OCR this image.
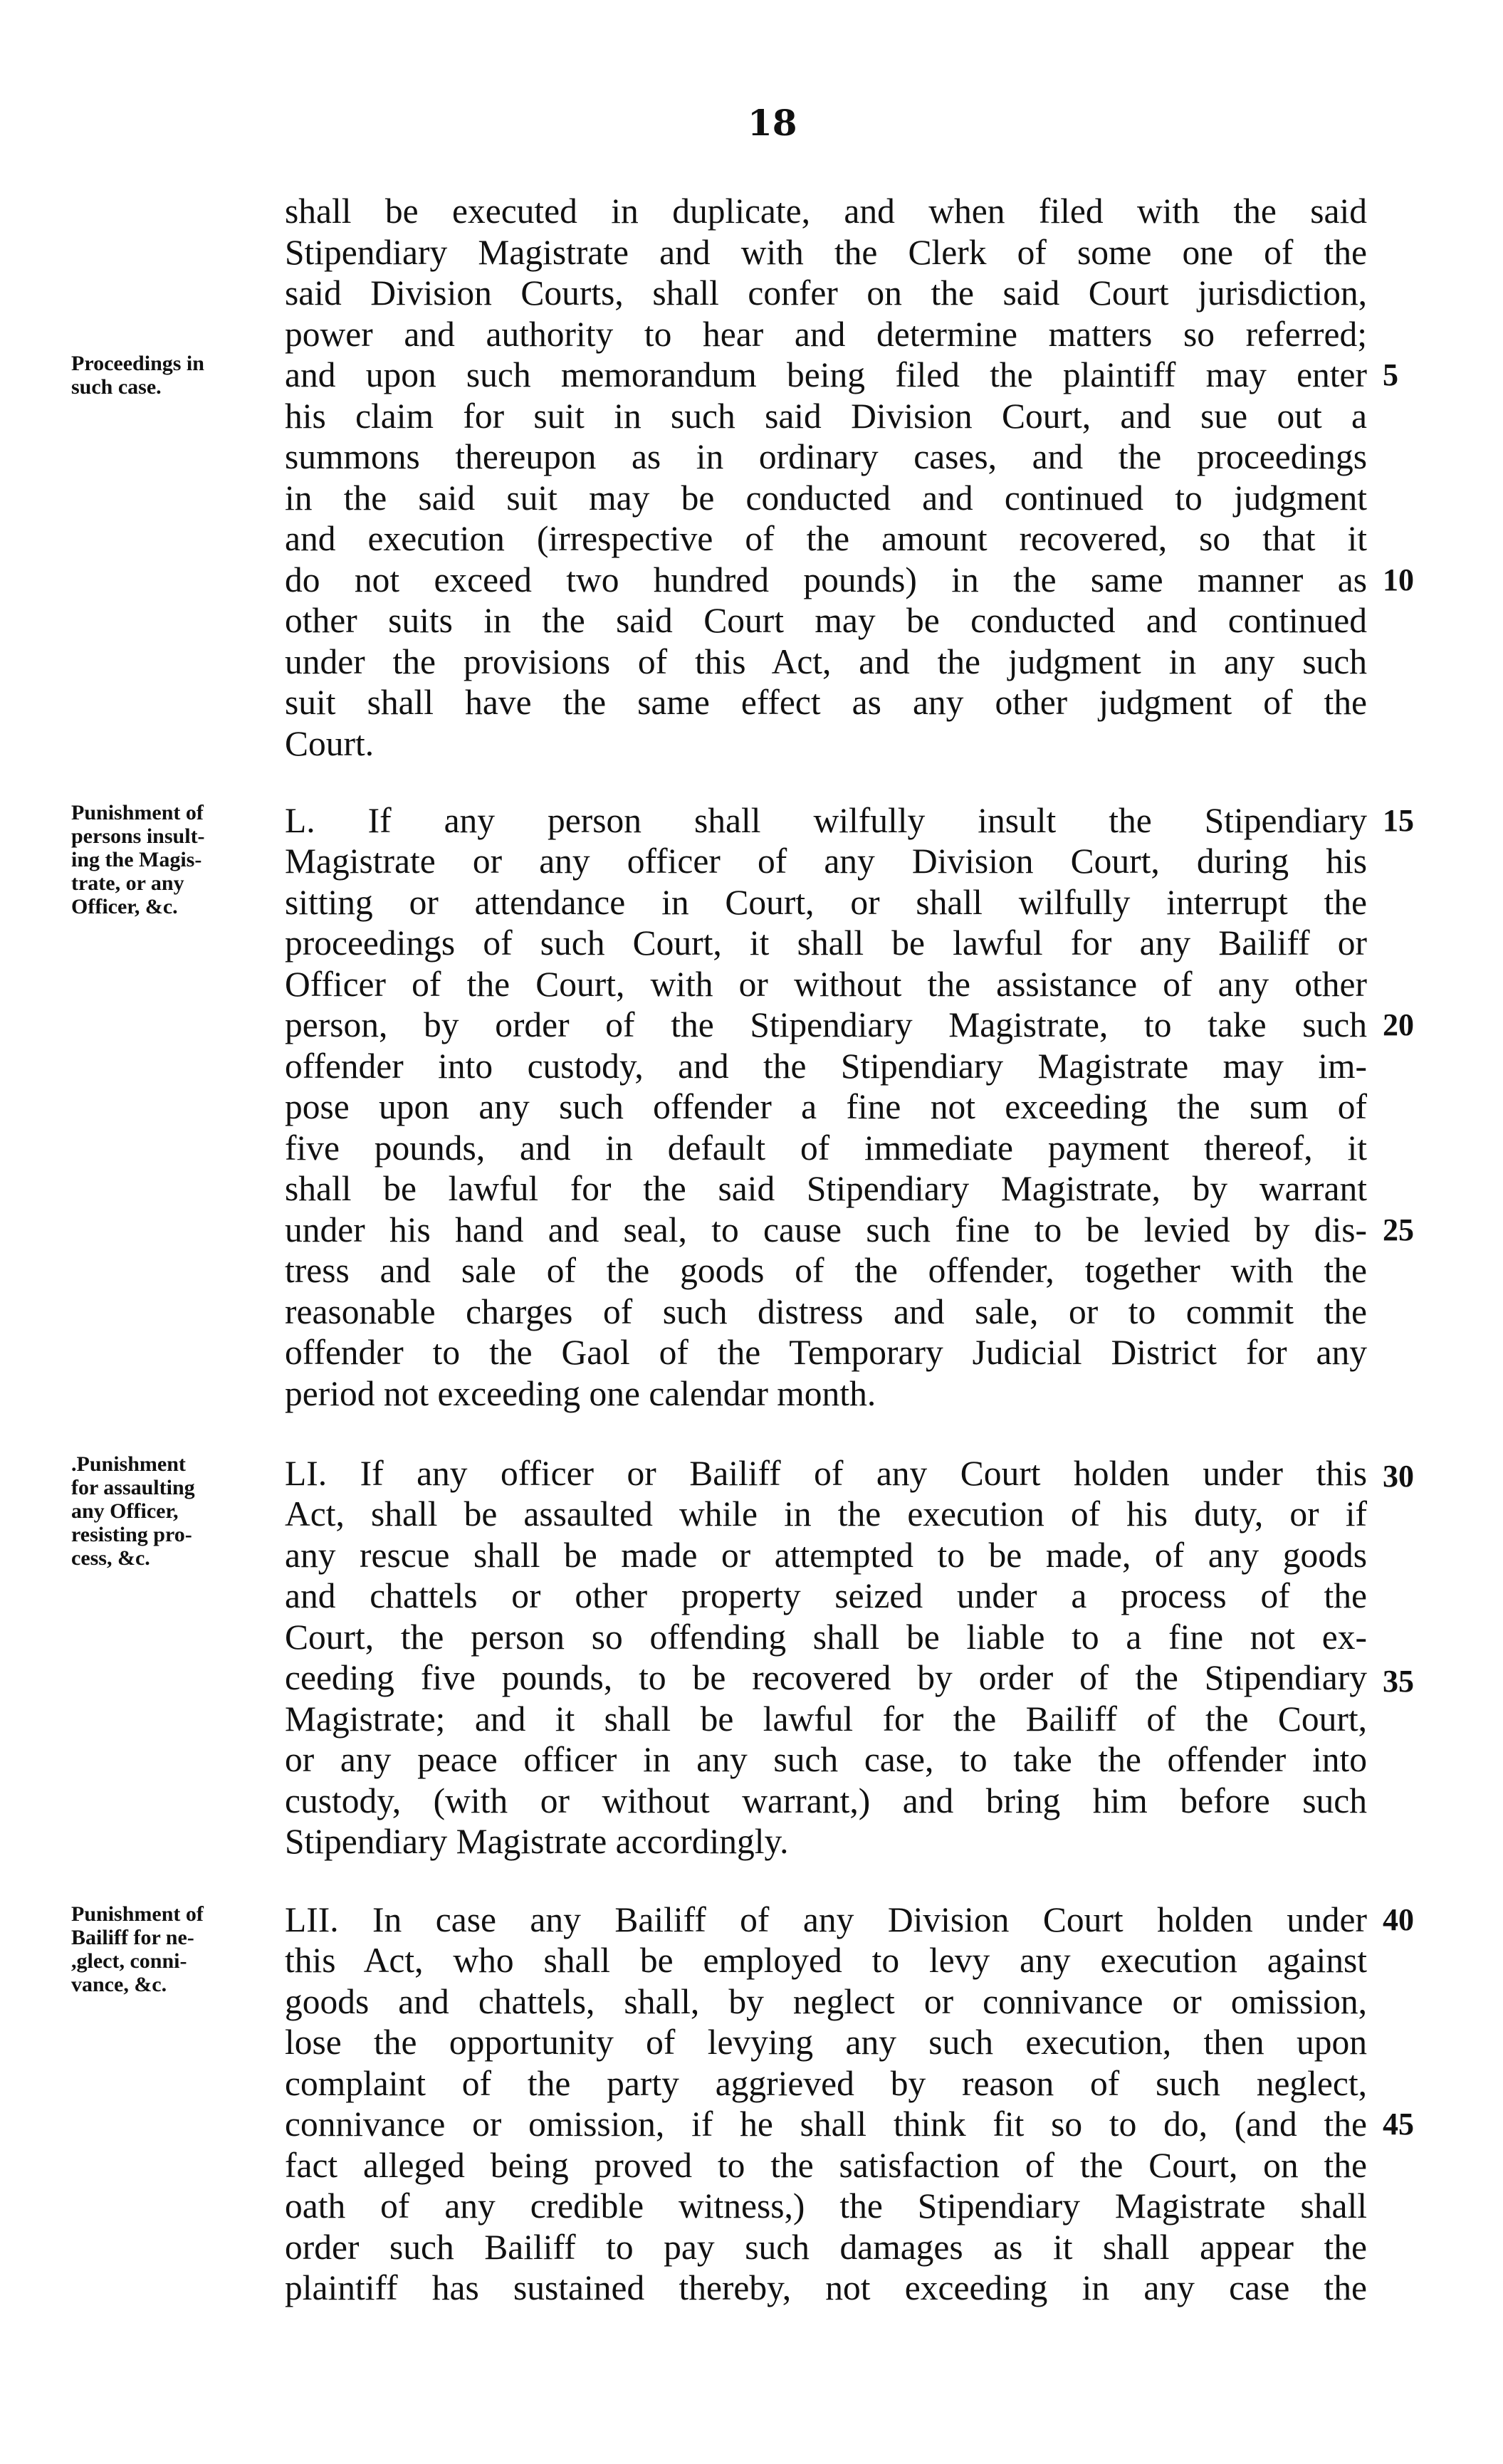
18
Proceedings in
such case.
Punishment of
persons insult-
ing the Magis-
trate, or any
Officer, &c.
.Punishment
for assaulting
any Officer,
resisting pro-
cess, &c.
Punishment of
Bailiff for ne-
,glect, conni-
vance, &c.
shall be executed in duplicate, and when filed with the said
Stipendiary Magistrate and with the Clerk of some one of the
said Division Courts, shall confer on the said Court jurisdiction,
power and authority to hear and determine matters so referred;
and upon such memorandum being filed the plaintiff may enter
his claim for suit in such said Division Court, and sue out a
summons thereupon as in ordinary cases, and the proceedings
in the said suit may be conducted and continued to judgment
and execution (irrespective of the amount recovered, so that it
do not exceed two hundred pounds) in the same manner as
other suits in the said Court may be conducted and continued
under the provisions of this Act, and the judgment in any such
suit shall have the same effect as any other judgment of the
Court.
L. If any person shall wilfully insult the Stipendiary
Magistrate or any officer of any Division Court, during his
sitting or attendance in Court, or shall wilfully interrupt the
proceedings of such Court, it shall be lawful for any Bailiff or
Officer of the Court, with or without the assistance of any other
person, by order of the Stipendiary Magistrate, to take such
offender into custody, and the Stipendiary Magistrate may im-
pose upon any such offender a fine not exceeding the sum of
five pounds, and in default of immediate payment thereof, it
shall be lawful for the said Stipendiary Magistrate, by warrant
under his hand and seal, to cause such fine to be levied by dis-
tress and sale of the goods of the offender, together with the
reasonable charges of such distress and sale, or to commit the
offender to the Gaol of the Temporary Judicial District for any
period not exceeding one calendar month.
LI. If any officer or Bailiff of any Court holden under this
Act, shall be assaulted while in the execution of his duty, or if
any rescue shall be made or attempted to be made, of any goods
and chattels or other property seized under a process of the
Court, the person so offending shall be liable to a fine not ex-
ceeding five pounds, to be recovered by order of the Stipendiary
Magistrate; and it shall be lawful for the Bailiff of the Court,
or any peace officer in any such case, to take the offender into
custody, (with or without warrant,) and bring him before such
Stipendiary Magistrate accordingly.
LII. In case any Bailiff of any Division Court holden under
this Act, who shall be employed to levy any execution against
goods and chattels, shall, by neglect or connivance or omission,
lose the opportunity of levying any such execution, then upon
complaint of the party aggrieved by reason of such neglect,
connivance or omission, if he shall think fit so to do, (and the
fact alleged being proved to the satisfaction of the Court, on the
oath of any credible witness,) the Stipendiary Magistrate shall
order such Bailiff to pay such damages as it shall appear the
plaintiff has sustained thereby, not exceeding in any case the
5
10
15
20
25
30
35
40
45
